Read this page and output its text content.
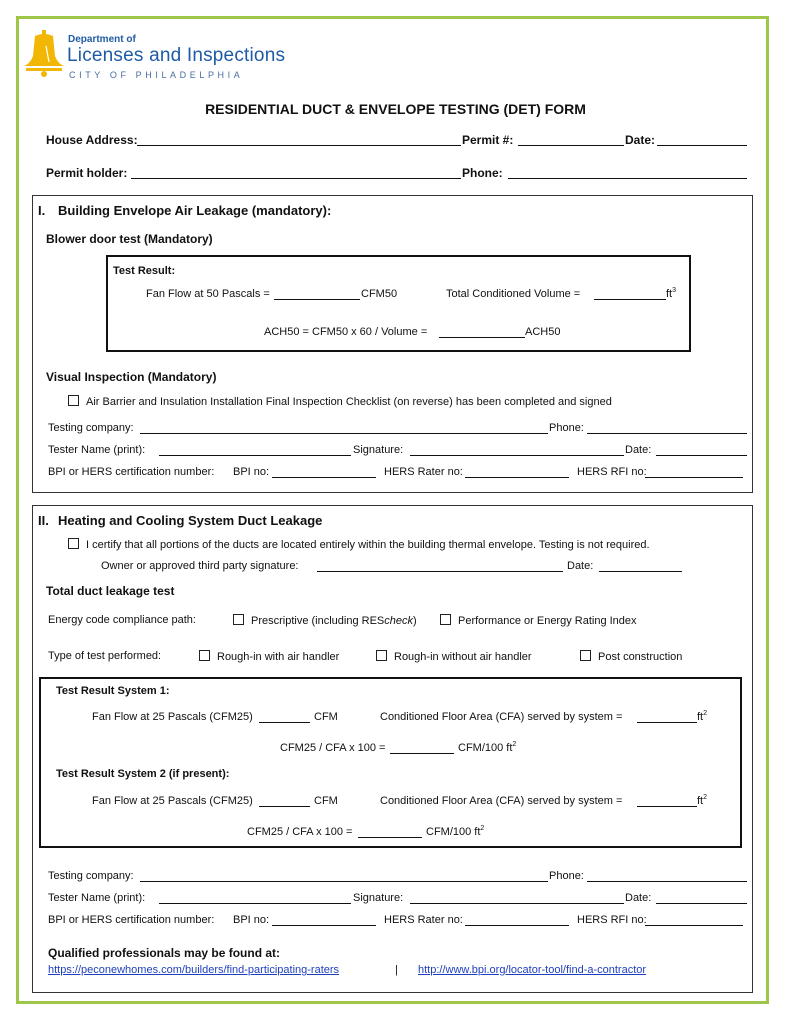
Department of
Licenses and Inspections
CITY OF PHILADELPHIA
RESIDENTIAL DUCT & ENVELOPE TESTING (DET) FORM
House Address:	Permit #:	Date:
Permit holder:	Phone:
I. Building Envelope Air Leakage (mandatory):
Blower door test (Mandatory)
Test Result:
Fan Flow at 50 Pascals =	CFM50	Total Conditioned Volume =	$ft^3$
ACH50 = CFM50 x 60 / Volume =	ACH50
Visual Inspection (Mandatory)
Air Barrier and Insulation Installation Final Inspection Checklist (on reverse) has been completed and signed
Testing company:	Phone:
Tester Name (print):	Signature:	Date:
BPI or HERS certification number: BPI no:	HERS Rater no:	HERS RFI no:
II. Heating and Cooling System Duct Leakage
I certify that all portions of the ducts are located entirely within the building thermal envelope. Testing is not required.
Owner or approved third party signature:	Date:
Total duct leakage test
Energy code compliance path:	Prescriptive (including REScheck)	Performance or Energy Rating Index
Type of test performed:	Rough-in with air handler	Rough-in without air handler	Post construction
Test Result System 1:
Fan Flow at 25 Pascals (CFM25)	CFM	Conditioned Floor Area (CFA) served by system =	$ft^2$
CFM25 / CFA x 100 =	CFM/100 $ft^2$
Test Result System 2 (if present):
Fan Flow at 25 Pascals (CFM25)	CFM	Conditioned Floor Area (CFA) served by system =	$ft^2$
CFM25 / CFA x 100 =	CFM/100 $ft^2$
Testing company:	Phone:
Tester Name (print):	Signature:	Date:
BPI or HERS certification number: BPI no:	HERS Rater no:	HERS RFI no:
Qualified professionals may be found at:
https://peconewhomes.com/builders/find-participating-raters	| http://www.bpi.org/locator-tool/find-a-contractor
